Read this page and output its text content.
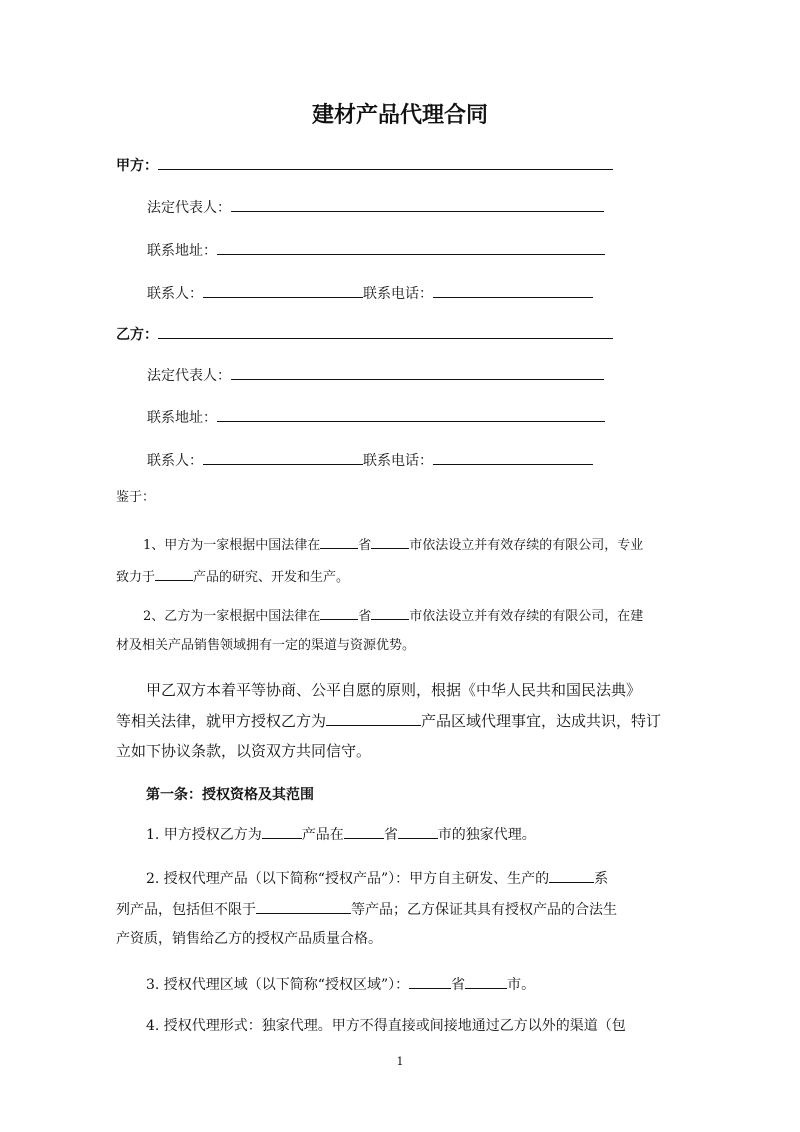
建材产品代理合同
甲方：
法定代表人：
联系地址：
联系人：	联系电话：
乙方：
法定代表人：
联系地址：
联系人：	联系电话：
鉴于：
1、甲方为一家根据中国法律在	省	市依法设立并有效存续的有限公司，专业
致力于	产品的研究、开发和生产。
2、乙方为一家根据中国法律在	省	市依法设立并有效存续的有限公司，在建
材及相关产品销售领域拥有一定的渠道与资源优势。
甲乙双方本着平等协商、公平自愿的原则，根据《中华人民共和国民法典》
等相关法律，就甲方授权乙方为	产品区域代理事宜，达成共识，特订
立如下协议条款，以资双方共同信守。
第一条：授权资格及其范围
1. 甲方授权乙方为	产品在	省	市的独家代理。
2. 授权代理产品（以下简称“授权产品”）：甲方自主研发、生产的	系
列产品，包括但不限于	等产品；乙方保证其具有授权产品的合法生
产资质，销售给乙方的授权产品质量合格。
3. 授权代理区域（以下简称“授权区域”）：	省	市。
4. 授权代理形式：独家代理。甲方不得直接或间接地通过乙方以外的渠道（包
1
